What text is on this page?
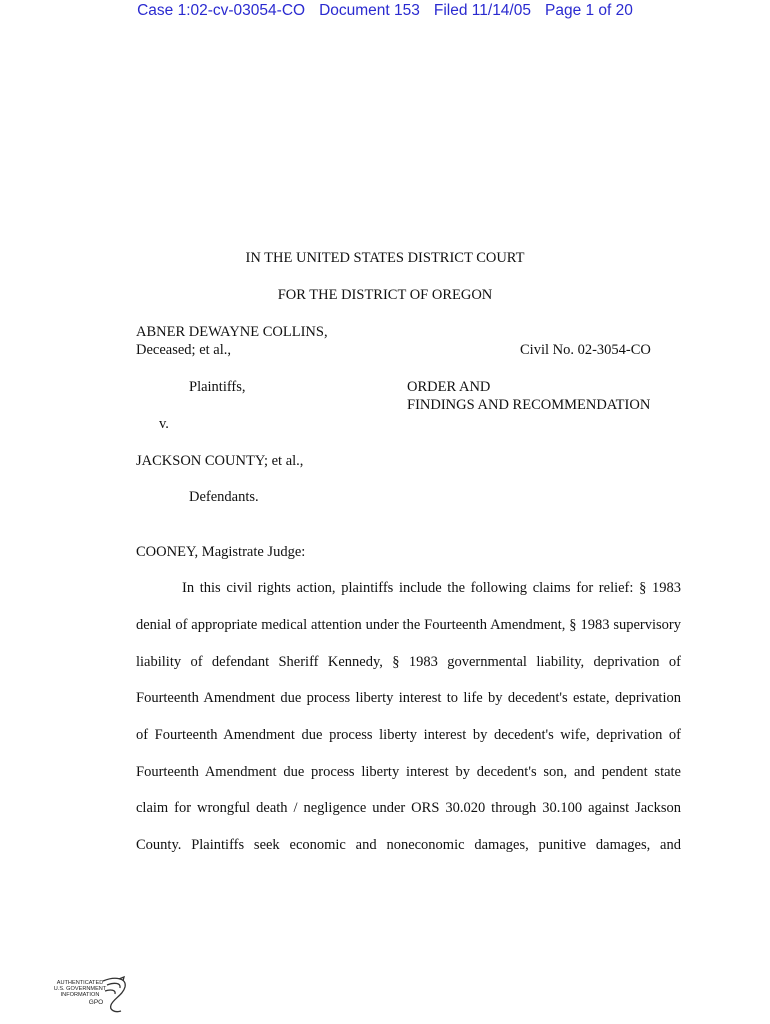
Case 1:02-cv-03054-CO Document 153 Filed 11/14/05 Page 1 of 20
IN THE UNITED STATES DISTRICT COURT
FOR THE DISTRICT OF OREGON
ABNER DEWAYNE COLLINS,
Deceased; et al.,	Civil No. 02-3054-CO
Plaintiffs,	ORDER AND
FINDINGS AND RECOMMENDATION
v.
JACKSON COUNTY; et al.,
Defendants.
COONEY, Magistrate Judge:
In this civil rights action, plaintiffs include the following claims for relief: § 1983
denial of appropriate medical attention under the Fourteenth Amendment, § 1983 supervisory
liability of defendant Sheriff Kennedy, § 1983 governmental liability, deprivation of
Fourteenth Amendment due process liberty interest to life by decedent's estate, deprivation
of Fourteenth Amendment due process liberty interest by decedent's wife, deprivation of
Fourteenth Amendment due process liberty interest by decedent's son, and pendent state
claim for wrongful death / negligence under ORS 30.020 through 30.100 against Jackson
County. Plaintiffs seek economic and noneconomic damages, punitive damages, and
AUTHENTICATED
U.S. GOVERNMENT
INFORMATION
GPO
